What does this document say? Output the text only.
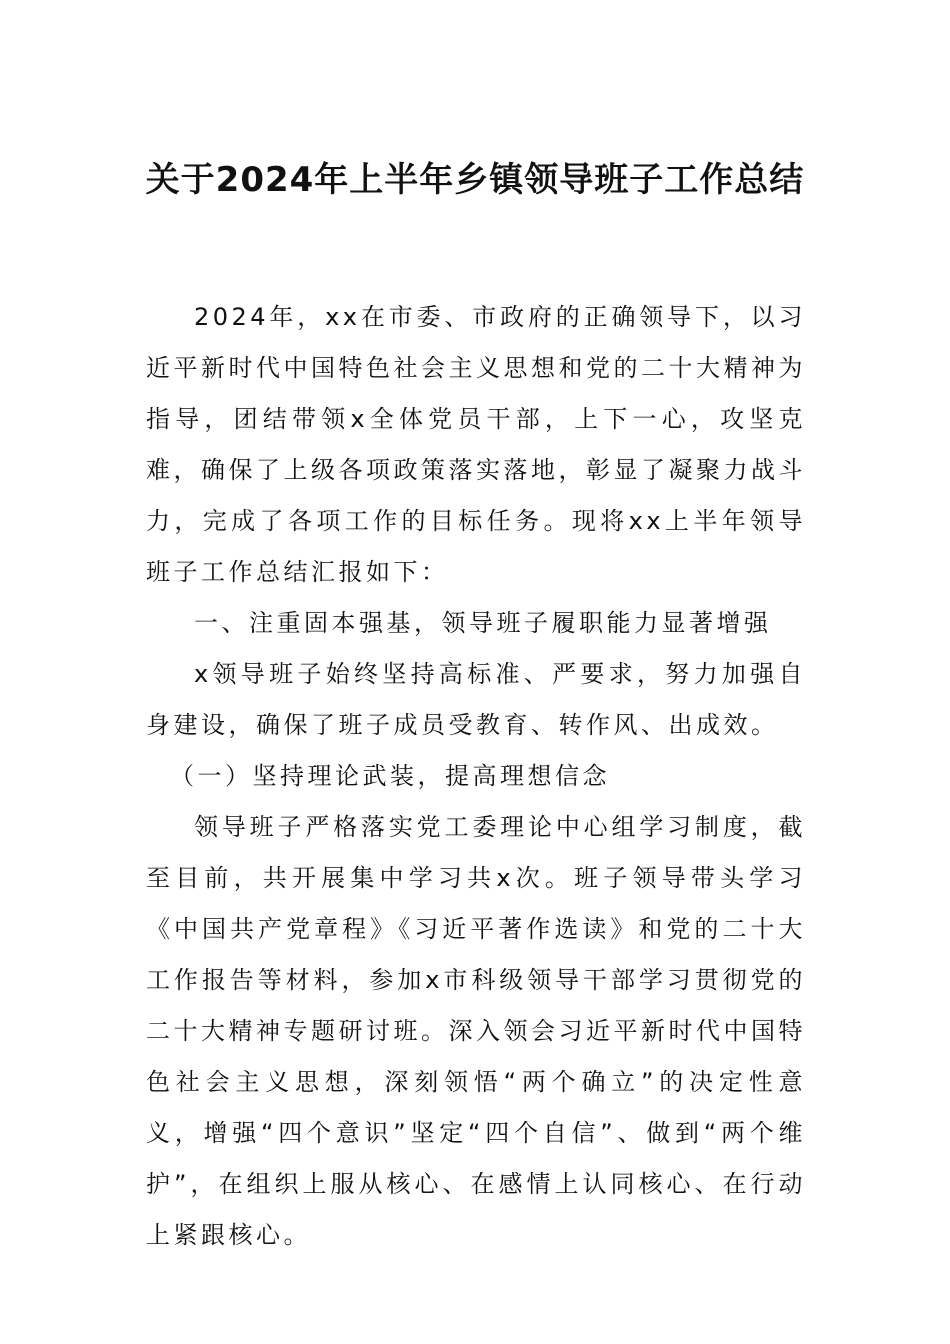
关于2024年上半年乡镇领导班子工作总结

2024年，xx在市委、市政府的正确领导下，以习近平新时代中国特色社会主义思想和党的二十大精神为指导，团结带领x全体党员干部，上下一心，攻坚克难，确保了上级各项政策落实落地，彰显了凝聚力战斗力，完成了各项工作的目标任务。现将xx上半年领导班子工作总结汇报如下：

一、注重固本强基，领导班子履职能力显著增强

x领导班子始终坚持高标准、严要求，努力加强自身建设，确保了班子成员受教育、转作风、出成效。

（一）坚持理论武装，提高理想信念

领导班子严格落实党工委理论中心组学习制度，截至目前，共开展集中学习共x次。班子领导带头学习《中国共产党章程》《习近平著作选读》和党的二十大工作报告等材料，参加x市科级领导干部学习贯彻党的二十大精神专题研讨班。深入领会习近平新时代中国特色社会主义思想，深刻领悟“两个确立”的决定性意义，增强“四个意识”坚定“四个自信”、做到“两个维护”，在组织上服从核心、在感情上认同核心、在行动上紧跟核心。
